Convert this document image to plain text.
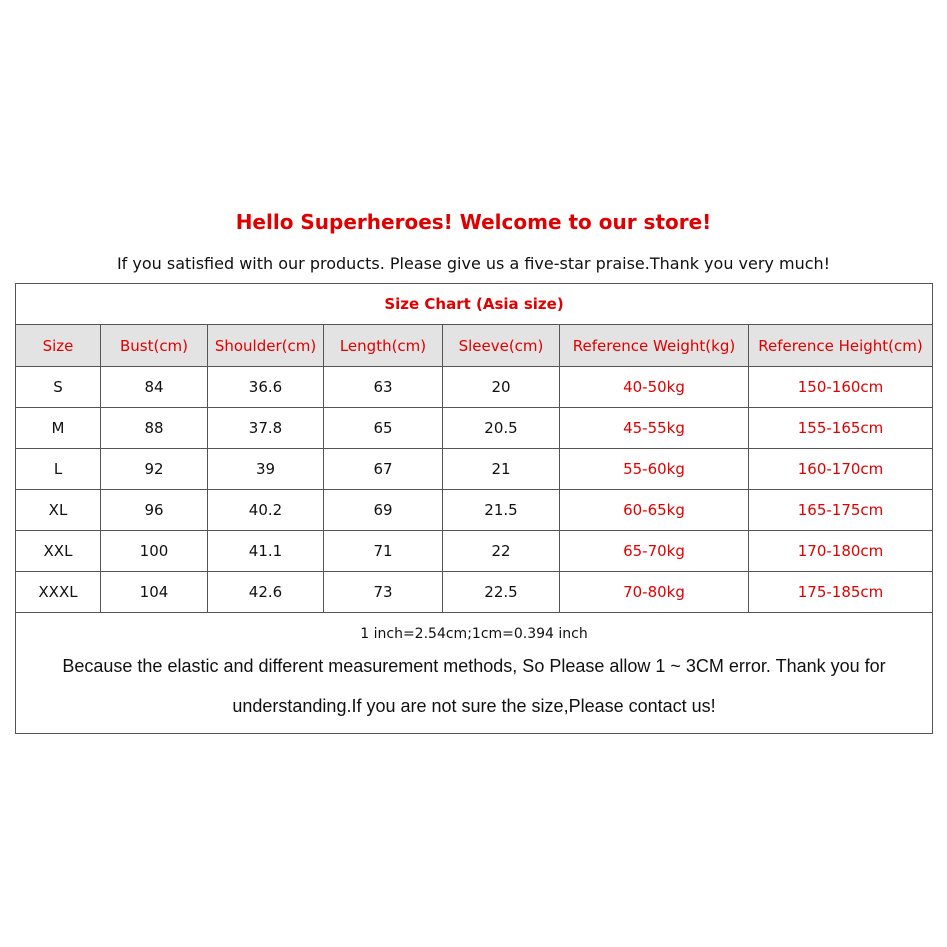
Hello Superheroes! Welcome to our store!
If you satisfied with our products. Please give us a five-star praise.Thank you very much!
Size Chart (Asia size)						
Size	Bust(cm)	Shoulder(cm)	Length(cm)	Sleeve(cm)	Reference Weight(kg)	Reference Height(cm)
S	84	36.6	63	20	40-50kg	150-160cm
M	88	37.8	65	20.5	45-55kg	155-165cm
L	92	39	67	21	55-60kg	160-170cm
XL	96	40.2	69	21.5	60-65kg	165-175cm
XXL	100	41.1	71	22	65-70kg	170-180cm
XXXL	104	42.6	73	22.5	70-80kg	175-185cm

1 inch=2.54cm;1cm=0.394 inch
Because the elastic and different measurement methods, So Please allow 1 ~ 3CM error. Thank you for understanding.If you are not sure the size,Please contact us!						
